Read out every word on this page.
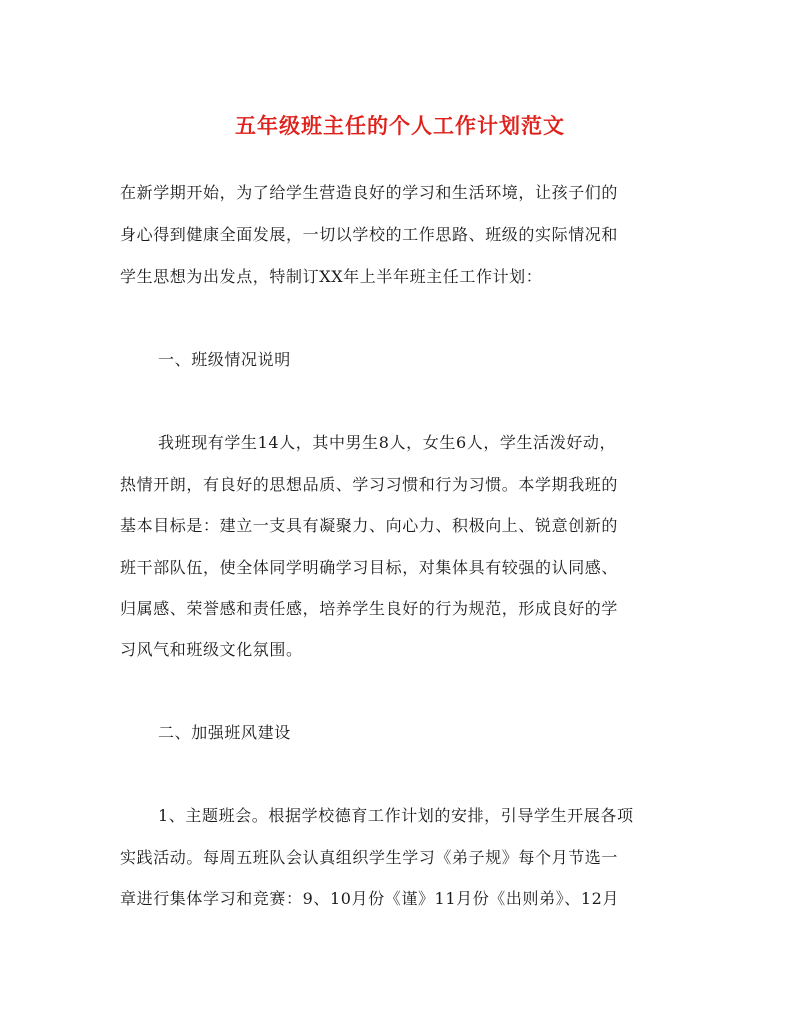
五年级班主任的个人工作计划范文

在新学期开始，为了给学生营造良好的学习和生活环境，让孩子们的

身心得到健康全面发展，一切以学校的工作思路、班级的实际情况和

学生思想为出发点，特制订XX年上半年班主任工作计划：

一、班级情况说明

我班现有学生14人，其中男生8人，女生6人，学生活泼好动，

热情开朗，有良好的思想品质、学习习惯和行为习惯。本学期我班的

基本目标是：建立一支具有凝聚力、向心力、积极向上、锐意创新的

班干部队伍，使全体同学明确学习目标，对集体具有较强的认同感、

归属感、荣誉感和责任感，培养学生良好的行为规范，形成良好的学

习风气和班级文化氛围。

二、加强班风建设

1、主题班会。根据学校德育工作计划的安排，引导学生开展各项

实践活动。每周五班队会认真组织学生学习《弟子规》每个月节选一

章进行集体学习和竞赛：9、10月份《谨》11月份《出则弟》、12月
